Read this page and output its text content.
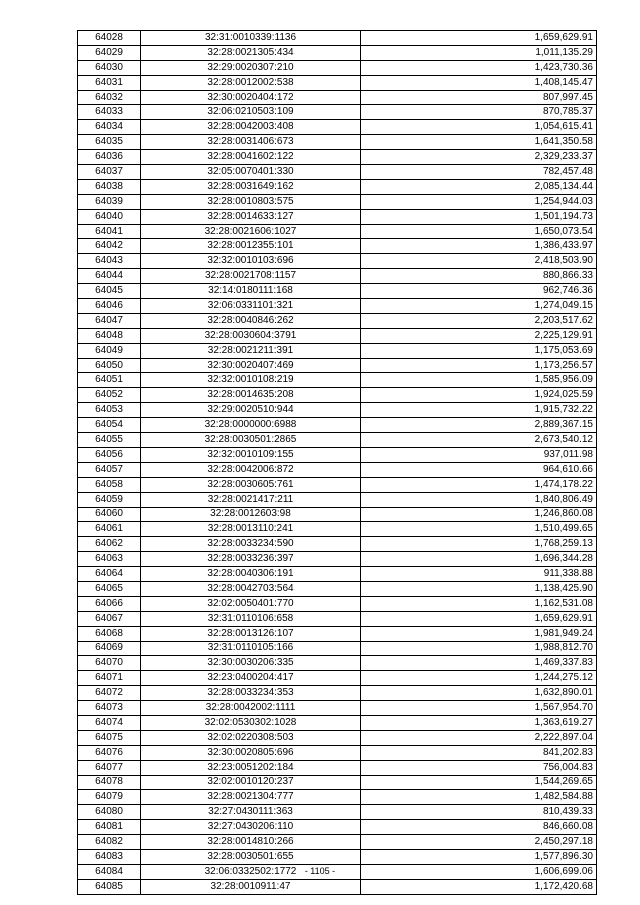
64028	32:31:0010339:1136	1,659,629.91
64029	32:28:0021305:434	1,011,135.29
64030	32:29:0020307:210	1,423,730.36
64031	32:28:0012002:538	1,408,145.47
64032	32:30:0020404:172	807,997.45
64033	32:06:0210503:109	870,785.37
64034	32:28:0042003:408	1,054,615.41
64035	32:28:0031406:673	1,641,350.58
64036	32:28:0041602:122	2,329,233.37
64037	32:05:0070401:330	782,457.48
64038	32:28:0031649:162	2,085,134.44
64039	32:28:0010803:575	1,254,944.03
64040	32:28:0014633:127	1,501,194.73
64041	32:28:0021606:1027	1,650,073.54
64042	32:28:0012355:101	1,386,433.97
64043	32:32:0010103:696	2,418,503.90
64044	32:28:0021708:1157	880,866.33
64045	32:14:0180111:168	962,746.36
64046	32:06:0331101:321	1,274,049.15
64047	32:28:0040846:262	2,203,517.62
64048	32:28:0030604:3791	2,225,129.91
64049	32:28:0021211:391	1,175,053.69
64050	32:30:0020407:469	1,173,256.57
64051	32:32:0010108:219	1,585,956.09
64052	32:28:0014635:208	1,924,025.59
64053	32:29:0020510:944	1,915,732.22
64054	32:28:0000000:6988	2,889,367.15
64055	32:28:0030501:2865	2,673,540.12
64056	32:32:0010109:155	937,011.98
64057	32:28:0042006:872	964,610.66
64058	32:28:0030605:761	1,474,178.22
64059	32:28:0021417:211	1,840,806.49
64060	32:28:0012603:98	1,246,860.08
64061	32:28:0013110:241	1,510,499.65
64062	32:28:0033234:590	1,768,259.13
64063	32:28:0033236:397	1,696,344.28
64064	32:28:0040306:191	911,338.88
64065	32:28:0042703:564	1,138,425.90
64066	32:02:0050401:770	1,162,531.08
64067	32:31:0110106:658	1,659,629.91
64068	32:28:0013126:107	1,981,949.24
64069	32:31:0110105:166	1,988,812.70
64070	32:30:0030206:335	1,469,337.83
64071	32:23:0400204:417	1,244,275.12
64072	32:28:0033234:353	1,632,890.01
64073	32:28:0042002:1111	1,567,954.70
64074	32:02:0530302:1028	1,363,619.27
64075	32:02:0220308:503	2,222,897.04
64076	32:30:0020805:696	841,202.83
64077	32:23:0051202:184	756,004.83
64078	32:02:0010120:237	1,544,269.65
64079	32:28:0021304:777	1,482,584.88
64080	32:27:0430111:363	810,439.33
64081	32:27:0430206:110	846,660.08
64082	32:28:0014810:266	2,450,297.18
64083	32:28:0030501:655	1,577,896.30
64084	32:06:0332502:1772	1,606,699.06
64085	32:28:0010911:47	1,172,420.68
- 1105 -
